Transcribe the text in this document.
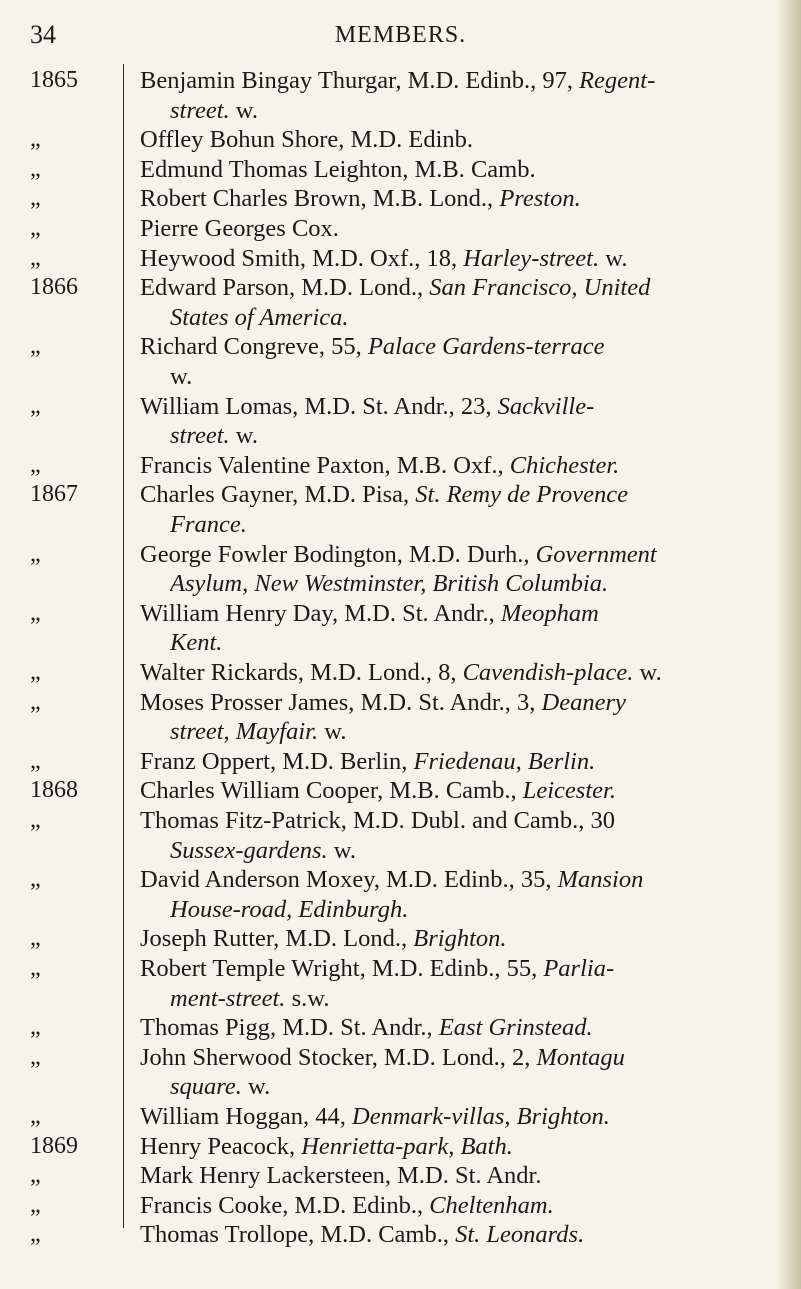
34	MEMBERS.
1865	Benjamin Bingay Thurgar, M.D. Edinb., 97, Regent-
street. w.
„	Offley Bohun Shore, M.D. Edinb.
„	Edmund Thomas Leighton, M.B. Camb.
„	Robert Charles Brown, M.B. Lond., Preston.
„	Pierre Georges Cox.
„	Heywood Smith, M.D. Oxf., 18, Harley-street. w.
1866	Edward Parson, M.D. Lond., San Francisco, United
States of America.
„	Richard Congreve, 55, Palace Gardens-terrace
w.
„	William Lomas, M.D. St. Andr., 23, Sackville-
street. w.
„	Francis Valentine Paxton, M.B. Oxf., Chichester.
1867	Charles Gayner, M.D. Pisa, St. Remy de Provence
France.
„	George Fowler Bodington, M.D. Durh., Government
Asylum, New Westminster, British Columbia.
„	William Henry Day, M.D. St. Andr., Meopham
Kent.
„	Walter Rickards, M.D. Lond., 8, Cavendish-place. w.
„	Moses Prosser James, M.D. St. Andr., 3, Deanery
street, Mayfair. w.
„	Franz Oppert, M.D. Berlin, Friedenau, Berlin.
1868	Charles William Cooper, M.B. Camb., Leicester.
„	Thomas Fitz-Patrick, M.D. Dubl. and Camb., 30
Sussex-gardens. w.
„	David Anderson Moxey, M.D. Edinb., 35, Mansion
House-road, Edinburgh.
„	Joseph Rutter, M.D. Lond., Brighton.
„	Robert Temple Wright, M.D. Edinb., 55, Parlia-
ment-street. s.w.
„	Thomas Pigg, M.D. St. Andr., East Grinstead.
„	John Sherwood Stocker, M.D. Lond., 2, Montagu
square. w.
„	William Hoggan, 44, Denmark-villas, Brighton.
1869	Henry Peacock, Henrietta-park, Bath.
„	Mark Henry Lackersteen, M.D. St. Andr.
„	Francis Cooke, M.D. Edinb., Cheltenham.
„	Thomas Trollope, M.D. Camb., St. Leonards.
